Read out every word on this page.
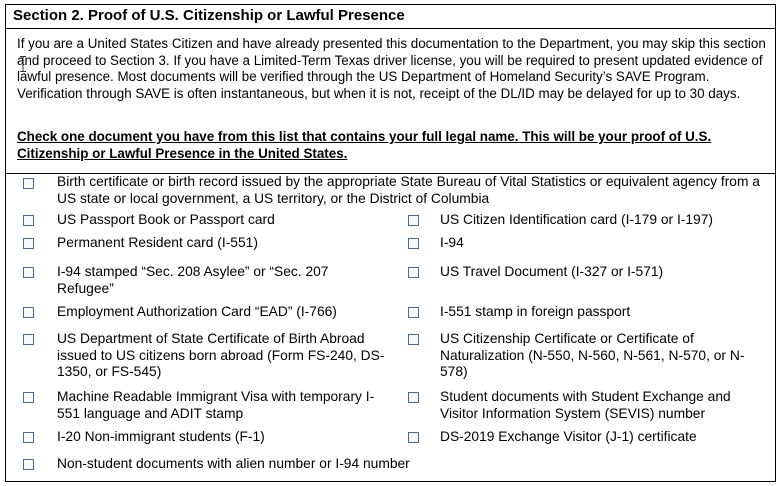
Section 2. Proof of U.S. Citizenship or Lawful Presence
If you are a United States Citizen and have already presented this documentation to the Department, you may skip this section and proceed to Section 3. If you have a Limited-Term Texas driver license, you will be required to present updated evidence of lawful presence. Most documents will be verified through the US Department of Homeland Security’s SAVE Program. Verification through SAVE is often instantaneous, but when it is not, receipt of the DL/ID may be delayed for up to 30 days.
Check one document you have from this list that contains your full legal name. This will be your proof of U.S. Citizenship or Lawful Presence in the United States.
Birth certificate or birth record issued by the appropriate State Bureau of Vital Statistics or equivalent agency from a US state or local government, a US territory, or the District of Columbia
US Passport Book or Passport card
Permanent Resident card (I-551)
I-94 stamped “Sec. 208 Asylee” or “Sec. 207 Refugee”
Employment Authorization Card “EAD” (I-766)
US Department of State Certificate of Birth Abroad issued to US citizens born abroad (Form FS-240, DS-1350, or FS-545)
Machine Readable Immigrant Visa with temporary I-551 language and ADIT stamp
I-20 Non-immigrant students (F-1)
Non-student documents with alien number or I-94 number
US Citizen Identification card (I-179 or I-197)
I-94
US Travel Document (I-327 or I-571)
I-551 stamp in foreign passport
US Citizenship Certificate or Certificate of Naturalization (N-550, N-560, N-561, N-570, or N-578)
Student documents with Student Exchange and Visitor Information System (SEVIS) number
DS-2019 Exchange Visitor (J-1) certificate
